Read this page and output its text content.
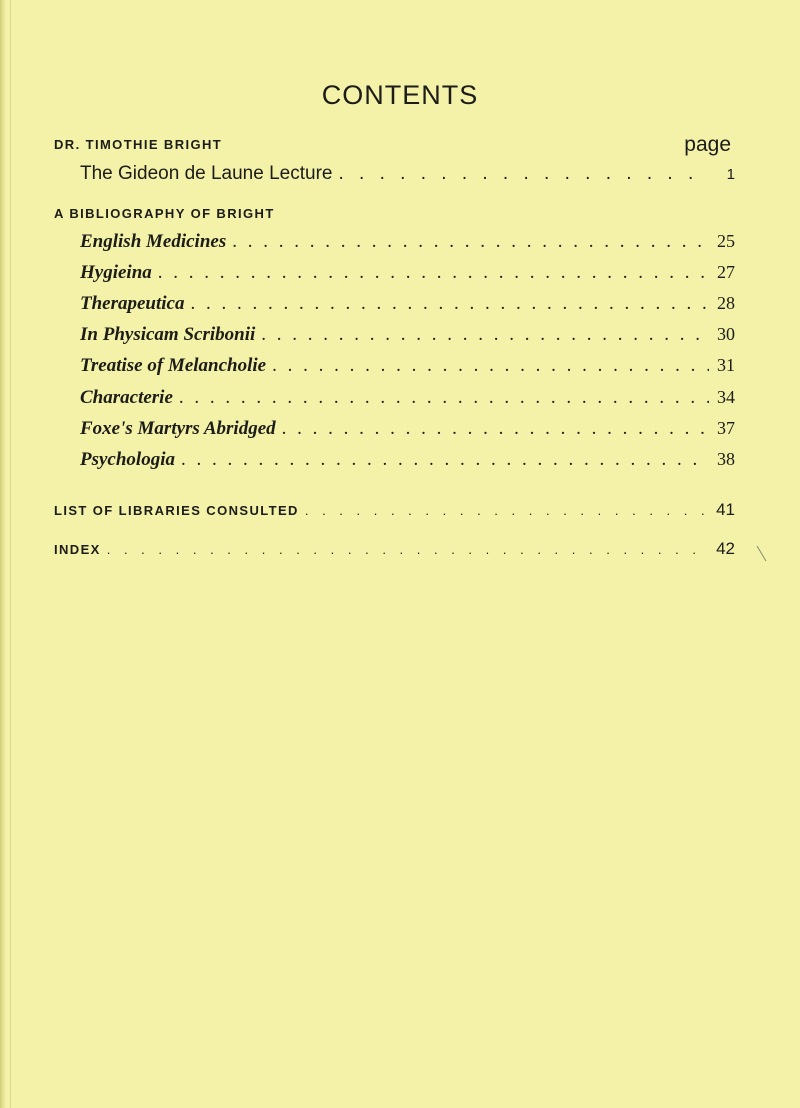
CONTENTS
DR. TIMOTHIE BRIGHT	page
The Gideon de Laune Lecture . . .	1
A BIBLIOGRAPHY OF BRIGHT
English Medicines . . .	25
Hygieina . . .	27
Therapeutica . . .	28
In Physicam Scribonii . . .	30
Treatise of Melancholie . . .	31
Characterie . . .	34
Foxe's Martyrs Abridged . . .	37
Psychologia . . .	38
LIST OF LIBRARIES CONSULTED . . .	41
INDEX . . .	42
